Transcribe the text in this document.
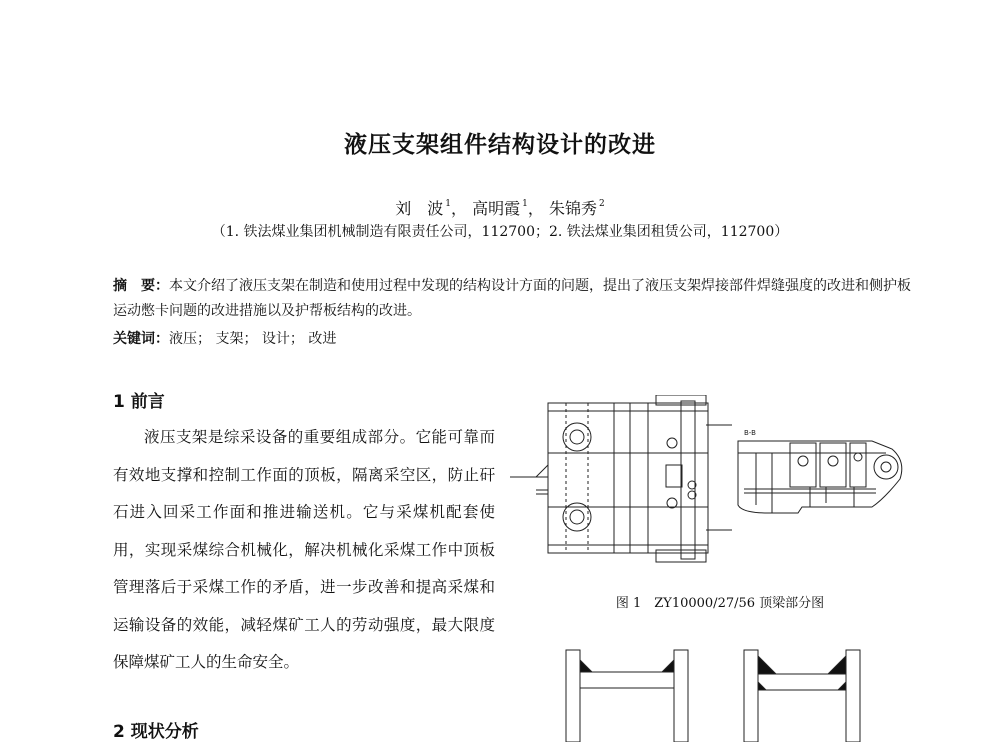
液压支架组件结构设计的改进
刘　波 $^1$， 高明霞 $^1$， 朱锦秀 $^2$
（1. 铁法煤业集团机械制造有限责任公司，112700；2. 铁法煤业集团租赁公司，112700）
摘　要：本文介绍了液压支架在制造和使用过程中发现的结构设计方面的问题，提出了液压支架焊接部件焊缝强度的改进和侧护板运动憋卡问题的改进措施以及护帮板结构的改进。
关键词：液压； 支架； 设计； 改进
1 前言

液压支架是综采设备的重要组成部分。它能可靠而有效地支撑和控制工作面的顶板，隔离采空区，防止矸石进入回采工作面和推进输送机。它与采煤机配套使用，实现采煤综合机械化，解决机械化采煤工作中顶板管理落后于采煤工作的矛盾，进一步改善和提高采煤和运输设备的效能，减轻煤矿工人的劳动强度，最大限度保障煤矿工人的生命安全。

2 现状分析
B-B
图 1　ZY10000/27/56 顶梁部分图
